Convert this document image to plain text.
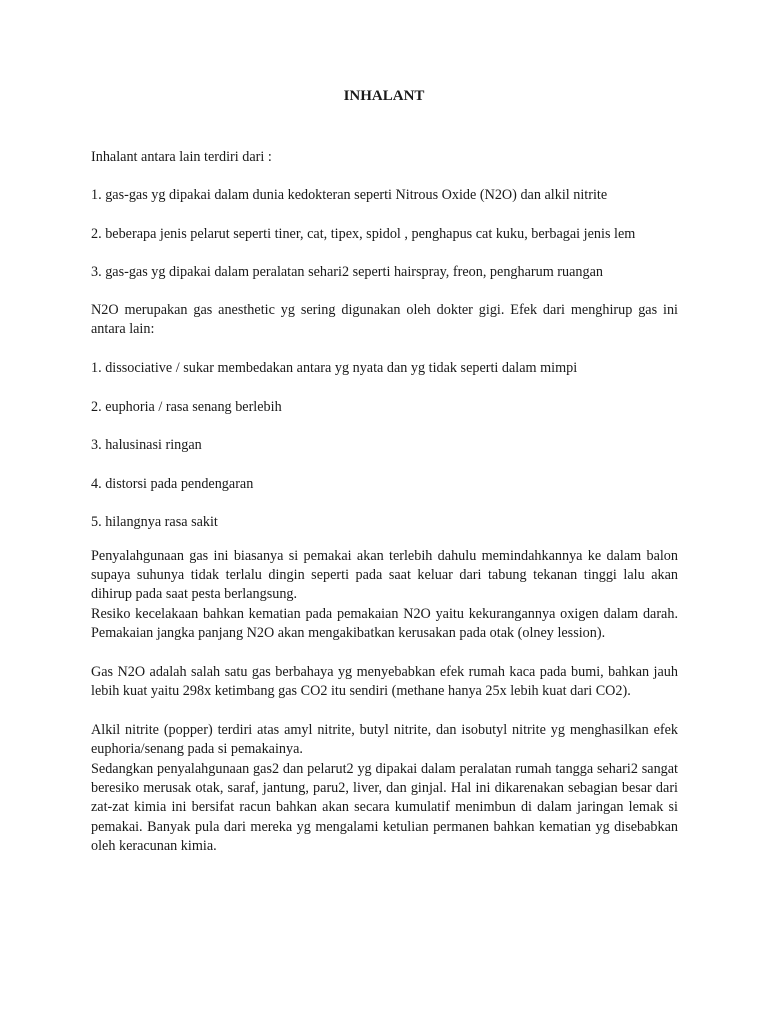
INHALANT

Inhalant antara lain terdiri dari :

1. gas-gas yg dipakai dalam dunia kedokteran seperti Nitrous Oxide (N2O) dan alkil nitrite

2. beberapa jenis pelarut seperti tiner, cat, tipex, spidol , penghapus cat kuku, berbagai jenis lem

3. gas-gas yg dipakai dalam peralatan sehari2 seperti hairspray, freon, pengharum ruangan

N2O merupakan gas anesthetic yg sering digunakan oleh dokter gigi. Efek dari menghirup gas ini antara lain:

1. dissociative / sukar membedakan antara yg nyata dan yg tidak seperti dalam mimpi

2. euphoria / rasa senang berlebih

3. halusinasi ringan

4. distorsi pada pendengaran

5. hilangnya rasa sakit

Penyalahgunaan gas ini biasanya si pemakai akan terlebih dahulu memindahkannya ke dalam balon supaya suhunya tidak terlalu dingin seperti pada saat keluar dari tabung tekanan tinggi lalu akan dihirup pada saat pesta berlangsung.

Resiko kecelakaan bahkan kematian pada pemakaian N2O yaitu kekurangannya oxigen dalam darah. Pemakaian jangka panjang N2O akan mengakibatkan kerusakan pada otak (olney lession).

Gas N2O adalah salah satu gas berbahaya yg menyebabkan efek rumah kaca pada bumi, bahkan jauh lebih kuat yaitu 298x ketimbang gas CO2 itu sendiri (methane hanya 25x lebih kuat dari CO2).

Alkil nitrite (popper) terdiri atas amyl nitrite, butyl nitrite, dan isobutyl nitrite yg menghasilkan efek euphoria/senang pada si pemakainya.

Sedangkan penyalahgunaan gas2 dan pelarut2 yg dipakai dalam peralatan rumah tangga sehari2 sangat beresiko merusak otak, saraf, jantung, paru2, liver, dan ginjal. Hal ini dikarenakan sebagian besar dari zat-zat kimia ini bersifat racun bahkan akan secara kumulatif menimbun di dalam jaringan lemak si pemakai. Banyak pula dari mereka yg mengalami ketulian permanen bahkan kematian yg disebabkan oleh keracunan kimia.
